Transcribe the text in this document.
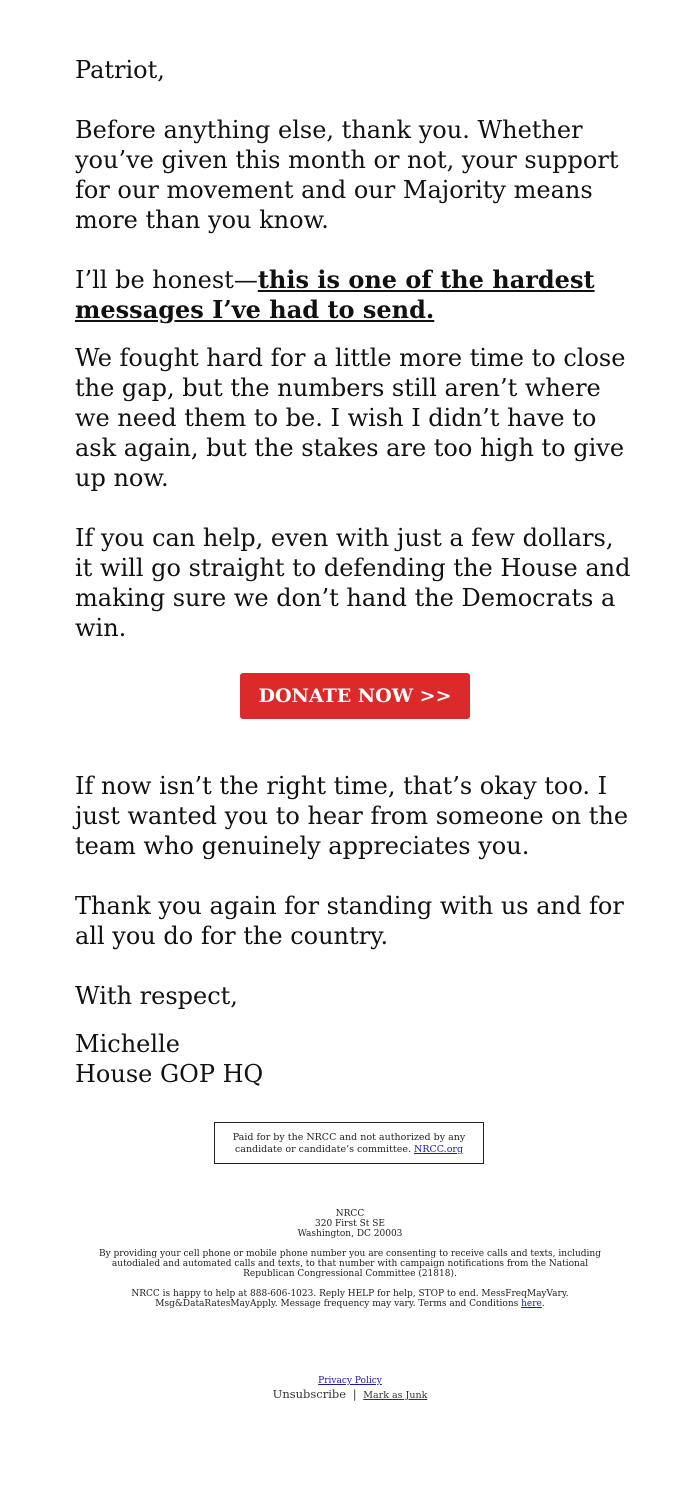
Patriot,

Before anything else, thank you. Whether you’ve given this month or not, your support for our movement and our Majority means more than you know.

I’ll be honest—this is one of the hardest messages I’ve had to send.

We fought hard for a little more time to close the gap, but the numbers still aren’t where we need them to be. I wish I didn’t have to ask again, but the stakes are too high to give up now.

If you can help, even with just a few dollars, it will go straight to defending the House and making sure we don’t hand the Democrats a win.

DONATE NOW >>

If now isn’t the right time, that’s okay too. I just wanted you to hear from someone on the team who genuinely appreciates you.

Thank you again for standing with us and for all you do for the country.

With respect,

Michelle

House GOP HQ

Paid for by the NRCC and not authorized by any candidate or candidate’s committee. NRCC.org
NRCC
320 First St SE
Washington, DC 20003
By providing your cell phone or mobile phone number you are consenting to receive calls and texts, including autodialed and automated calls and texts, to that number with campaign notifications from the National Republican Congressional Committee (21818).
NRCC is happy to help at 888-606-1023. Reply HELP for help, STOP to end. MessFreqMayVary. Msg&DataRatesMayApply. Message frequency may vary. Terms and Conditions here.
Privacy Policy
Unsubscribe | Mark as Junk
